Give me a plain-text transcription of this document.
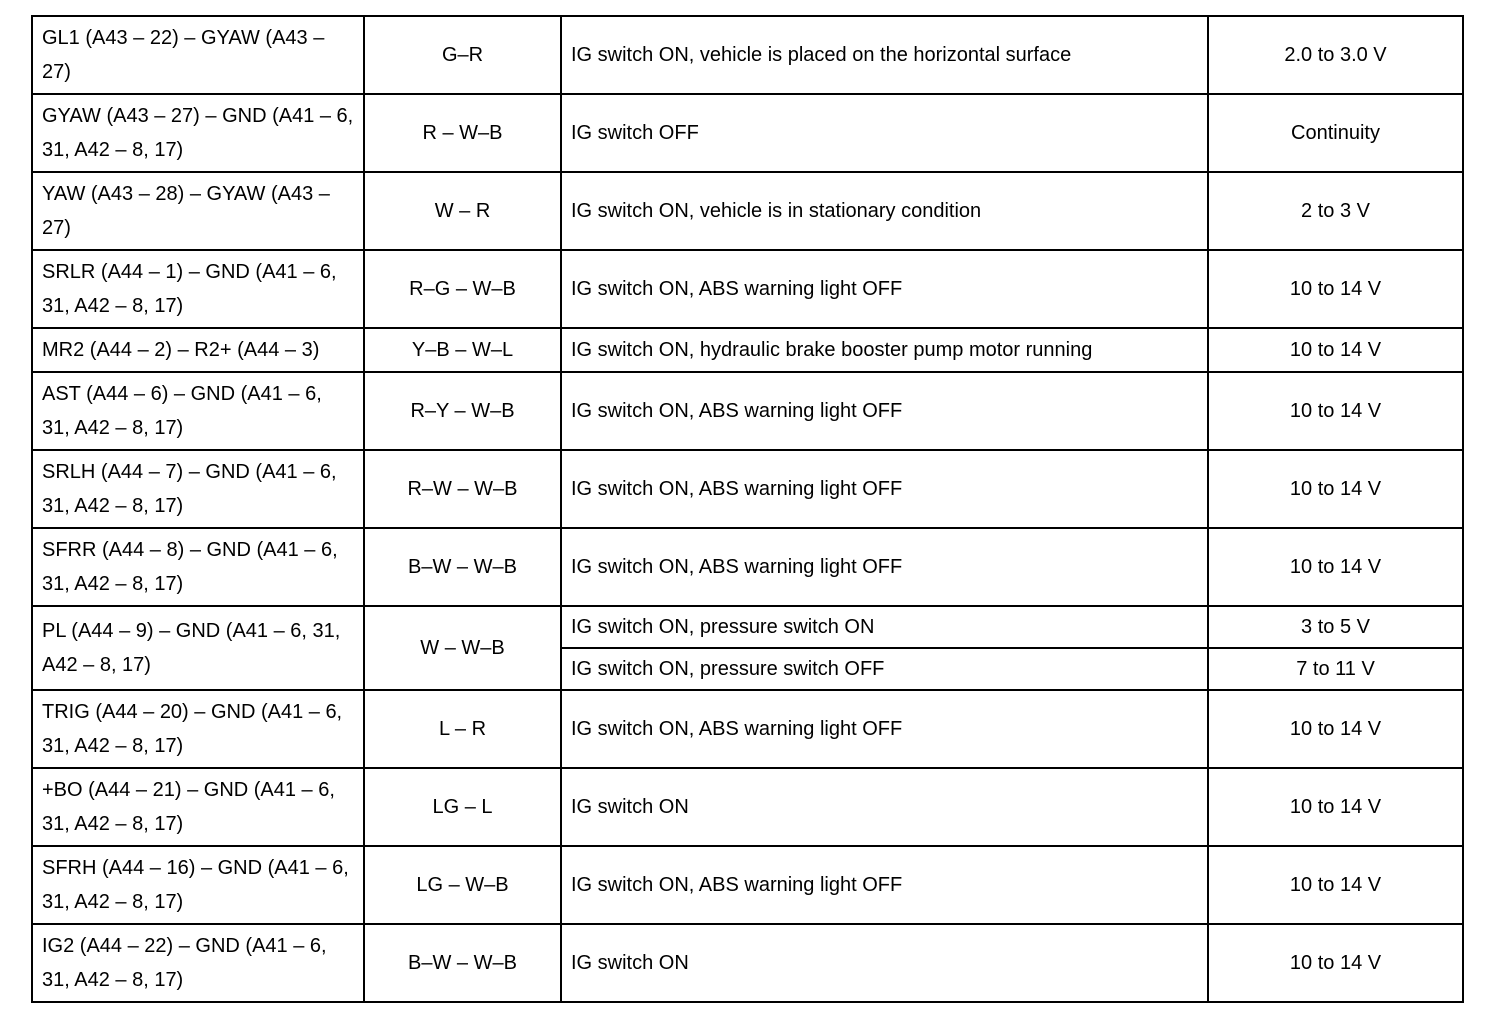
GL1 (A43 – 22) – GYAW (A43 – 27)	G–R	IG switch ON, vehicle is placed on the horizontal surface	2.0 to 3.0 V
GYAW (A43 – 27) – GND (A41 – 6, 31, A42 – 8, 17)	R – W–B	IG switch OFF	Continuity
YAW (A43 – 28) – GYAW (A43 – 27)	W – R	IG switch ON, vehicle is in stationary condition	2 to 3 V
SRLR (A44 – 1) – GND (A41 – 6, 31, A42 – 8, 17)	R–G – W–B	IG switch ON, ABS warning light OFF	10 to 14 V
MR2 (A44 – 2) – R2+ (A44 – 3)	Y–B – W–L	IG switch ON, hydraulic brake booster pump motor running	10 to 14 V
AST (A44 – 6) – GND (A41 – 6, 31, A42 – 8, 17)	R–Y – W–B	IG switch ON, ABS warning light OFF	10 to 14 V
SRLH (A44 – 7) – GND (A41 – 6, 31, A42 – 8, 17)	R–W – W–B	IG switch ON, ABS warning light OFF	10 to 14 V
SFRR (A44 – 8) – GND (A41 – 6, 31, A42 – 8, 17)	B–W – W–B	IG switch ON, ABS warning light OFF	10 to 14 V
PL (A44 – 9) – GND (A41 – 6, 31, A42 – 8, 17)	W – W–B	IG switch ON, pressure switch ON	3 to 5 V
		IG switch ON, pressure switch OFF	7 to 11 V
TRIG (A44 – 20) – GND (A41 – 6, 31, A42 – 8, 17)	L – R	IG switch ON, ABS warning light OFF	10 to 14 V
+BO (A44 – 21) – GND (A41 – 6, 31, A42 – 8, 17)	LG – L	IG switch ON	10 to 14 V
SFRH (A44 – 16) – GND (A41 – 6, 31, A42 – 8, 17)	LG – W–B	IG switch ON, ABS warning light OFF	10 to 14 V
IG2 (A44 – 22) – GND (A41 – 6, 31, A42 – 8, 17)	B–W – W–B	IG switch ON	10 to 14 V
